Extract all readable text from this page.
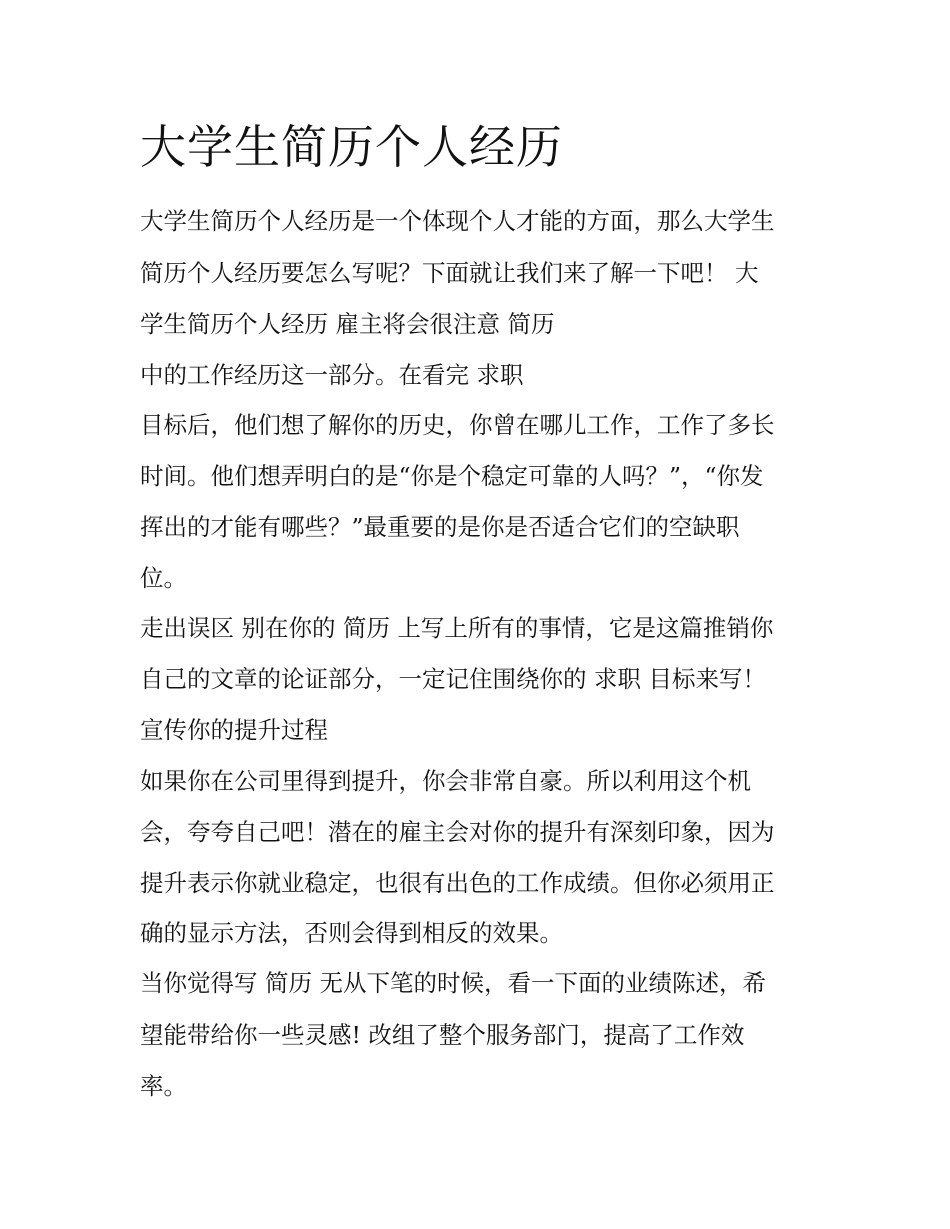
大学生简历个人经历

大学生简历个人经历是一个体现个人才能的方面，那么大学生

简历个人经历要怎么写呢？下面就让我们来了解一下吧！ 大

学生简历个人经历 雇主将会很注意 简历

中的工作经历这一部分。在看完 求职

目标后，他们想了解你的历史，你曾在哪儿工作，工作了多长

时间。他们想弄明白的是“你是个稳定可靠的人吗？”，“你发

挥出的才能有哪些？”最重要的是你是否适合它们的空缺职

位。

走出误区 别在你的 简历 上写上所有的事情，它是这篇推销你

自己的文章的论证部分，一定记住围绕你的 求职 目标来写！

宣传你的提升过程

如果你在公司里得到提升，你会非常自豪。所以利用这个机

会，夸夸自己吧！潜在的雇主会对你的提升有深刻印象，因为

提升表示你就业稳定，也很有出色的工作成绩。但你必须用正

确的显示方法，否则会得到相反的效果。

当你觉得写 简历 无从下笔的时候，看一下面的业绩陈述，希

望能带给你一些灵感! 改组了整个服务部门，提高了工作效

率。
